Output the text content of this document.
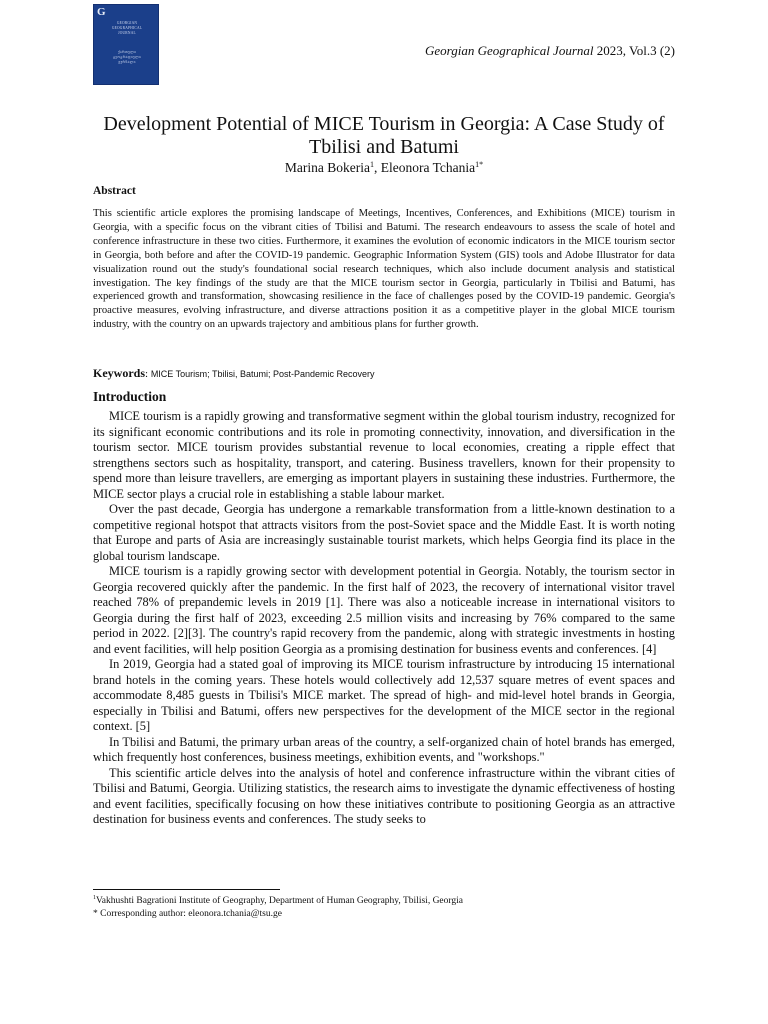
G
GEORGIAN
GEOGRAPHICAL
JOURNAL
ქართული
გეოგრაფიული
ჟურნალი
Georgian Geographical Journal 2023, Vol.3 (2)
Development Potential of MICE Tourism in Georgia: A Case Study of Tbilisi and Batumi
Marina Bokeria$^1$, Eleonora Tchania$^{1*}$
Abstract
This scientific article explores the promising landscape of Meetings, Incentives, Conferences, and Exhibitions (MICE) tourism in Georgia, with a specific focus on the vibrant cities of Tbilisi and Batumi. The research endeavours to assess the scale of hotel and conference infrastructure in these two cities. Furthermore, it examines the evolution of economic indicators in the MICE tourism sector in Georgia, both before and after the COVID-19 pandemic. Geographic Information System (GIS) tools and Adobe Illustrator for data visualization round out the study's foundational social research techniques, which also include document analysis and statistical investigation. The key findings of the study are that the MICE tourism sector in Georgia, particularly in Tbilisi and Batumi, has experienced growth and transformation, showcasing resilience in the face of challenges posed by the COVID-19 pandemic. Georgia's proactive measures, evolving infrastructure, and diverse attractions position it as a competitive player in the global MICE tourism industry, with the country on an upwards trajectory and ambitious plans for further growth.
Keywords: MICE Tourism; Tbilisi, Batumi; Post-Pandemic Recovery
Introduction

MICE tourism is a rapidly growing and transformative segment within the global tourism industry, recognized for its significant economic contributions and its role in promoting connectivity, innovation, and diversification in the tourism sector. MICE tourism provides substantial revenue to local economies, creating a ripple effect that strengthens sectors such as hospitality, transport, and catering. Business travellers, known for their propensity to spend more than leisure travellers, are emerging as important players in sustaining these industries. Furthermore, the MICE sector plays a crucial role in establishing a stable labour market.

Over the past decade, Georgia has undergone a remarkable transformation from a little-known destination to a competitive regional hotspot that attracts visitors from the post-Soviet space and the Middle East. It is worth noting that Europe and parts of Asia are increasingly sustainable tourist markets, which helps Georgia find its place in the global tourism landscape.

MICE tourism is a rapidly growing sector with development potential in Georgia. Notably, the tourism sector in Georgia recovered quickly after the pandemic. In the first half of 2023, the recovery of international visitor travel reached 78% of prepandemic levels in 2019 [1]. There was also a noticeable increase in international visitors to Georgia during the first half of 2023, exceeding 2.5 million visits and increasing by 76% compared to the same period in 2022. [2][3]. The country's rapid recovery from the pandemic, along with strategic investments in hosting and event facilities, will help position Georgia as a promising destination for business events and conferences. [4]

In 2019, Georgia had a stated goal of improving its MICE tourism infrastructure by introducing 15 international brand hotels in the coming years. These hotels would collectively add 12,537 square metres of event spaces and accommodate 8,485 guests in Tbilisi's MICE market. The spread of high- and mid-level hotel brands in Georgia, especially in Tbilisi and Batumi, offers new perspectives for the development of the MICE sector in the regional context. [5]

In Tbilisi and Batumi, the primary urban areas of the country, a self-organized chain of hotel brands has emerged, which frequently host conferences, business meetings, exhibition events, and "workshops."

This scientific article delves into the analysis of hotel and conference infrastructure within the vibrant cities of Tbilisi and Batumi, Georgia. Utilizing statistics, the research aims to investigate the dynamic effectiveness of hosting and event facilities, specifically focusing on how these initiatives contribute to positioning Georgia as an attractive destination for business events and conferences. The study seeks to

$^1$Vakhushti Bagrationi Institute of Geography, Department of Human Geography, Tbilisi, Georgia
* Corresponding author: eleonora.tchania@tsu.ge
